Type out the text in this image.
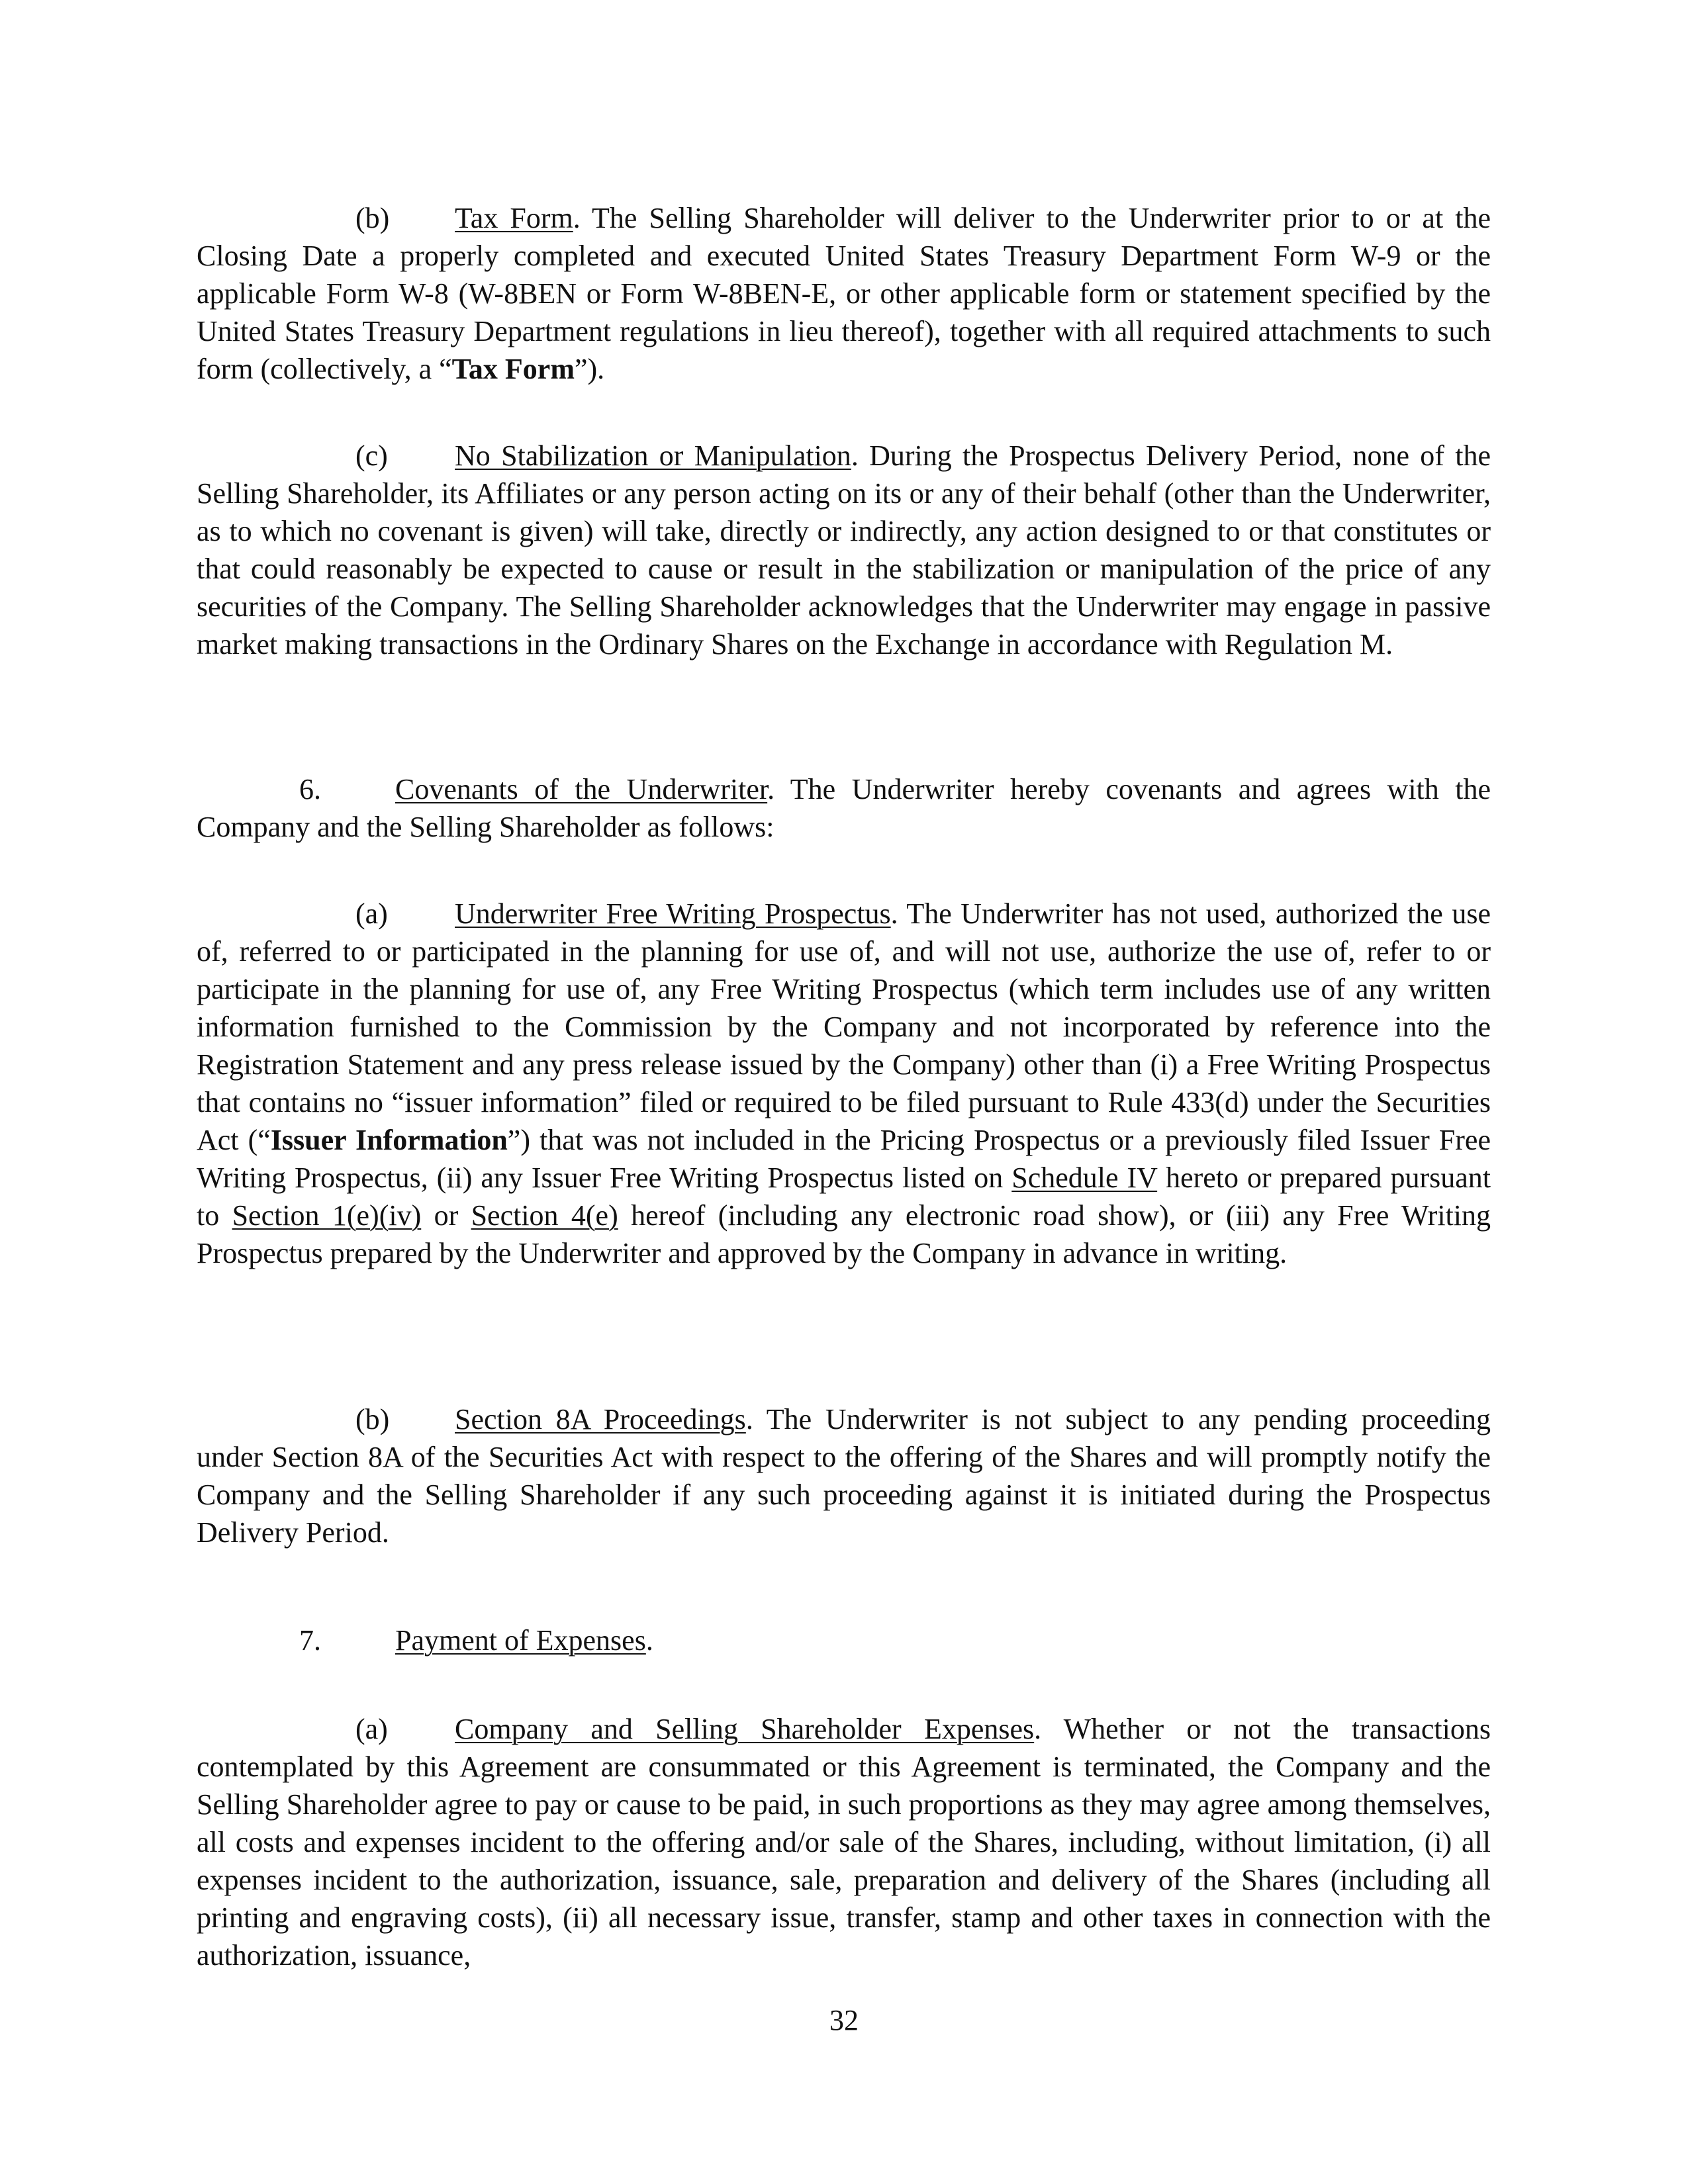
(b) Tax Form. The Selling Shareholder will deliver to the Underwriter prior to or at the Closing Date a properly completed and executed United States Treasury Department Form W-9 or the applicable Form W-8 (W-8BEN or Form W-8BEN-E, or other applicable form or statement specified by the United States Treasury Department regulations in lieu thereof), together with all required attachments to such form (collectively, a “Tax Form”).

(c) No Stabilization or Manipulation. During the Prospectus Delivery Period, none of the Selling Shareholder, its Affiliates or any person acting on its or any of their behalf (other than the Underwriter, as to which no covenant is given) will take, directly or indirectly, any action designed to or that constitutes or that could reasonably be expected to cause or result in the stabilization or manipulation of the price of any securities of the Company. The Selling Shareholder acknowledges that the Underwriter may engage in passive market making transactions in the Ordinary Shares on the Exchange in accordance with Regulation M.

6.	Covenants of the Underwriter. The Underwriter hereby covenants and agrees with the Company and the Selling Shareholder as follows:

(a) Underwriter Free Writing Prospectus. The Underwriter has not used, authorized the use of, referred to or participated in the planning for use of, and will not use, authorize the use of, refer to or participate in the planning for use of, any Free Writing Prospectus (which term includes use of any written information furnished to the Commission by the Company and not incorporated by reference into the Registration Statement and any press release issued by the Company) other than (i) a Free Writing Prospectus that contains no “issuer information” filed or required to be filed pursuant to Rule 433(d) under the Securities Act (“Issuer Information”) that was not included in the Pricing Prospectus or a previously filed Issuer Free Writing Prospectus, (ii) any Issuer Free Writing Prospectus listed on Schedule IV hereto or prepared pursuant to Section 1(e)(iv) or Section 4(e) hereof (including any electronic road show), or (iii) any Free Writing Prospectus prepared by the Underwriter and approved by the Company in advance in writing.

(b) Section 8A Proceedings. The Underwriter is not subject to any pending proceeding under Section 8A of the Securities Act with respect to the offering of the Shares and will promptly notify the Company and the Selling Shareholder if any such proceeding against it is initiated during the Prospectus Delivery Period.

7.	Payment of Expenses.

(a) Company and Selling Shareholder Expenses. Whether or not the transactions contemplated by this Agreement are consummated or this Agreement is terminated, the Company and the Selling Shareholder agree to pay or cause to be paid, in such proportions as they may agree among themselves, all costs and expenses incident to the offering and/or sale of the Shares, including, without limitation, (i) all expenses incident to the authorization, issuance, sale, preparation and delivery of the Shares (including all printing and engraving costs), (ii) all necessary issue, transfer, stamp and other taxes in connection with the authorization, issuance,

32
